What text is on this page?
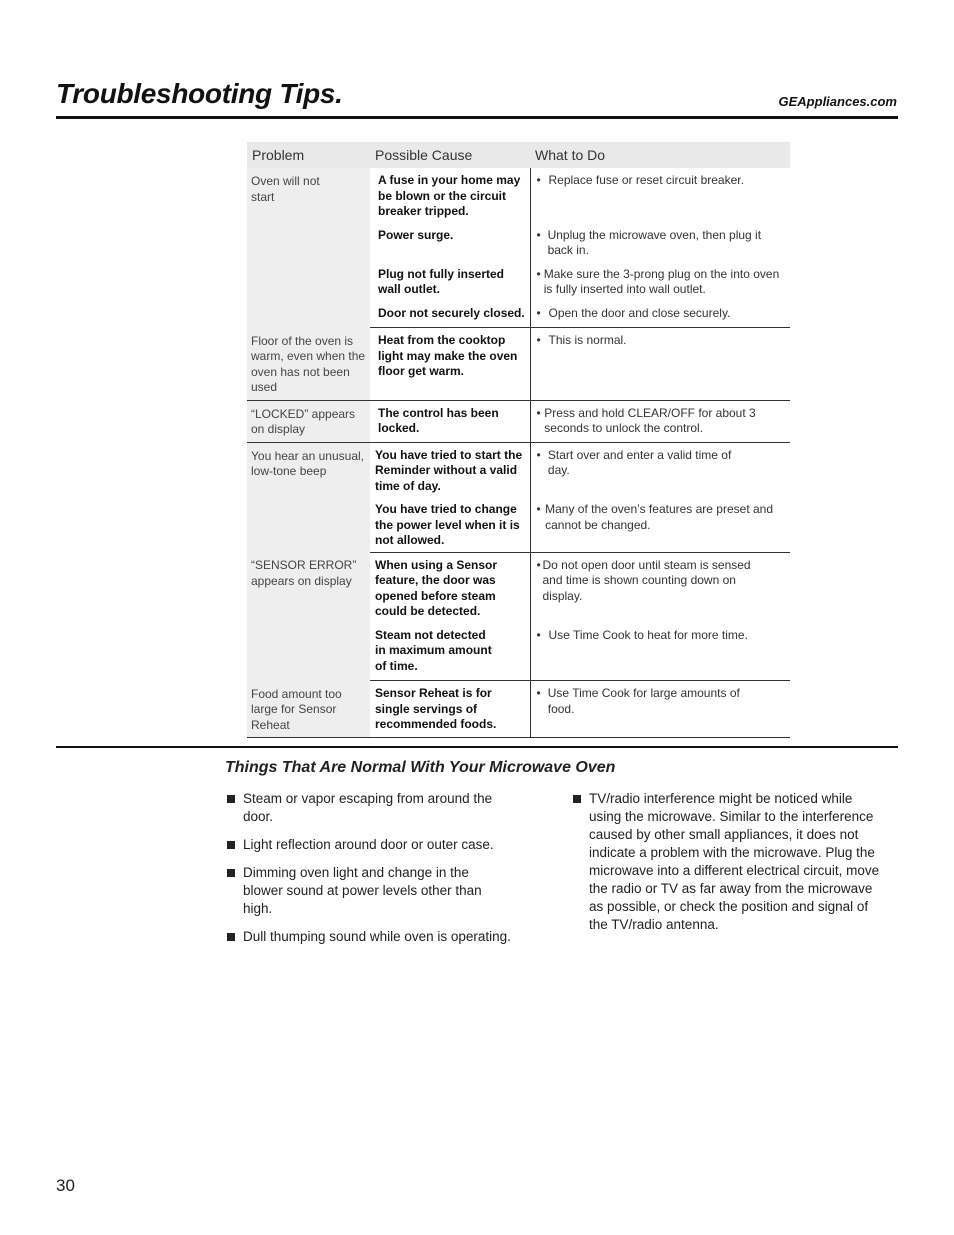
Troubleshooting Tips.	GEAppliances.com
Problem	Possible Cause	What to Do
Oven will not start	A fuse in your home may be blown or the circuit breaker tripped.	• Replace fuse or reset circuit breaker.

	Power surge.	• Unplug the microwave oven, then plug it back in.

	Plug not fully inserted wall outlet.	• Make sure the 3-prong plug on the into oven is fully inserted into wall outlet.

	Door not securely closed.	• Open the door and close securely.

Floor of the oven is warm, even when the oven has not been used	Heat from the cooktop light may make the oven floor get warm.	• This is normal.

“LOCKED” appears on display	The control has been locked.	• Press and hold CLEAR/OFF for about 3 seconds to unlock the control.

You hear an unusual, low-tone beep	You have tried to start the Reminder without a valid time of day.	• Start over and enter a valid time of day.

	You have tried to change the power level when it is not allowed.	• Many of the oven’s features are preset and cannot be changed.

“SENSOR ERROR” appears on display	When using a Sensor feature, the door was opened before steam could be detected.	• Do not open door until steam is sensed and time is shown counting down on display.

	Steam not detected in maximum amount of time.	• Use Time Cook to heat for more time.

Food amount too large for Sensor Reheat	Sensor Reheat is for single servings of recommended foods.	• Use Time Cook for large amounts of food.
Things That Are Normal With Your Microwave Oven
Steam or vapor escaping from around the door.
Light reflection around door or outer case.
Dimming oven light and change in the blower sound at power levels other than high.
Dull thumping sound while oven is operating.
TV/radio interference might be noticed while using the microwave. Similar to the interference caused by other small appliances, it does not indicate a problem with the microwave. Plug the microwave into a different electrical circuit, move the radio or TV as far away from the microwave as possible, or check the position and signal of the TV/radio antenna.
30
